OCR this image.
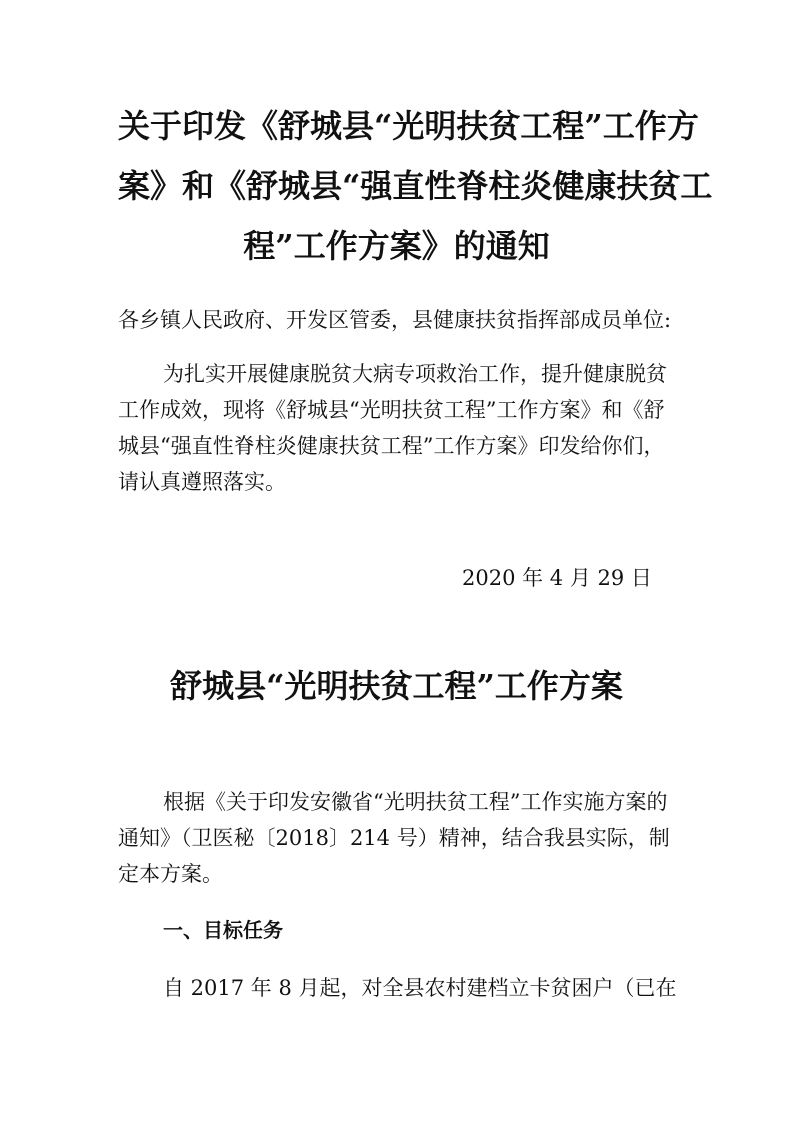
关于印发《舒城县“光明扶贫工程”工作方
案》和《舒城县“强直性脊柱炎健康扶贫工
程”工作方案》的通知
各乡镇人民政府、开发区管委，县健康扶贫指挥部成员单位:
为扎实开展健康脱贫大病专项救治工作，提升健康脱贫
工作成效，现将《舒城县“光明扶贫工程”工作方案》和《舒
城县“强直性脊柱炎健康扶贫工程”工作方案》印发给你们，
请认真遵照落实。
2020 年 4 月 29 日
舒城县“光明扶贫工程”工作方案
根据《关于印发安徽省“光明扶贫工程”工作实施方案的
通知》（卫医秘〔2018〕214 号）精神，结合我县实际，制
定本方案。
一、目标任务
自 2017 年 8 月起，对全县农村建档立卡贫困户（已在
